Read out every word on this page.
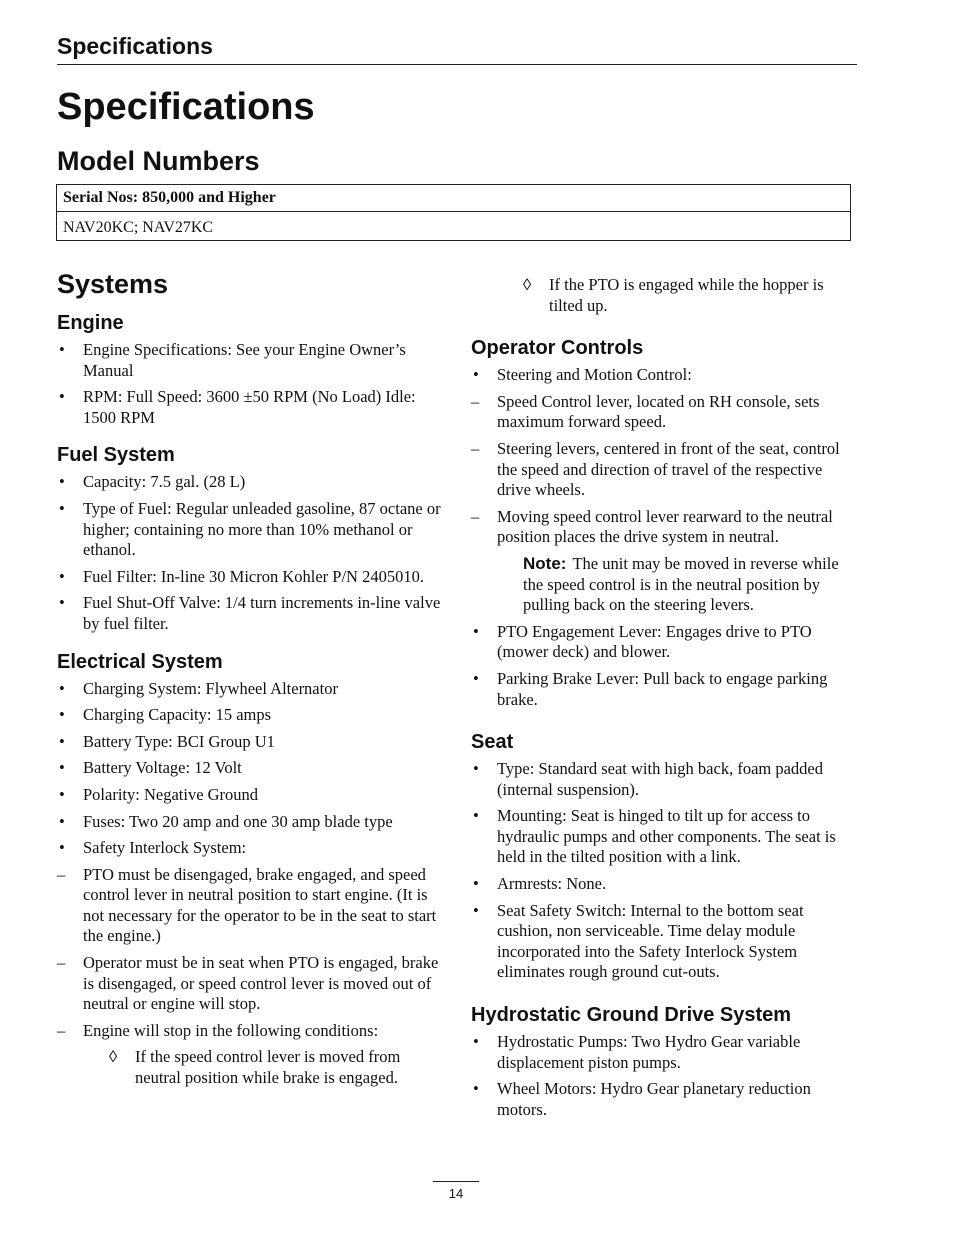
Specifications
Specifications
Model Numbers
Serial Nos: 850,000 and Higher
NAV20KC; NAV27KC
Systems
Engine
• Engine Specifications: See your Engine Owner’s Manual
• RPM: Full Speed: 3600 ±50 RPM (No Load) Idle: 1500 RPM
Fuel System
• Capacity: 7.5 gal. (28 L)
• Type of Fuel: Regular unleaded gasoline, 87 octane or higher; containing no more than 10% methanol or ethanol.
• Fuel Filter: In-line 30 Micron Kohler P/N 2405010.
• Fuel Shut-Off Valve: 1/4 turn increments in-line valve by fuel filter.
Electrical System
• Charging System: Flywheel Alternator
• Charging Capacity: 15 amps
• Battery Type: BCI Group U1
• Battery Voltage: 12 Volt
• Polarity: Negative Ground
• Fuses: Two 20 amp and one 30 amp blade type
• Safety Interlock System:
– PTO must be disengaged, brake engaged, and speed control lever in neutral position to start engine. (It is not necessary for the operator to be in the seat to start the engine.)
– Operator must be in seat when PTO is engaged, brake is disengaged, or speed control lever is moved out of neutral or engine will stop.
– Engine will stop in the following conditions:
◊ If the speed control lever is moved from neutral position while brake is engaged.
◊ If the PTO is engaged while the hopper is tilted up.
Operator Controls
• Steering and Motion Control:
– Speed Control lever, located on RH console, sets maximum forward speed.
– Steering levers, centered in front of the seat, control the speed and direction of travel of the respective drive wheels.
– Moving speed control lever rearward to the neutral position places the drive system in neutral.
Note: The unit may be moved in reverse while the speed control is in the neutral position by pulling back on the steering levers.
• PTO Engagement Lever: Engages drive to PTO (mower deck) and blower.
• Parking Brake Lever: Pull back to engage parking brake.
Seat
• Type: Standard seat with high back, foam padded (internal suspension).
• Mounting: Seat is hinged to tilt up for access to hydraulic pumps and other components. The seat is held in the tilted position with a link.
• Armrests: None.
• Seat Safety Switch: Internal to the bottom seat cushion, non serviceable. Time delay module incorporated into the Safety Interlock System eliminates rough ground cut-outs.
Hydrostatic Ground Drive System
• Hydrostatic Pumps: Two Hydro Gear variable displacement piston pumps.
• Wheel Motors: Hydro Gear planetary reduction motors.
14
